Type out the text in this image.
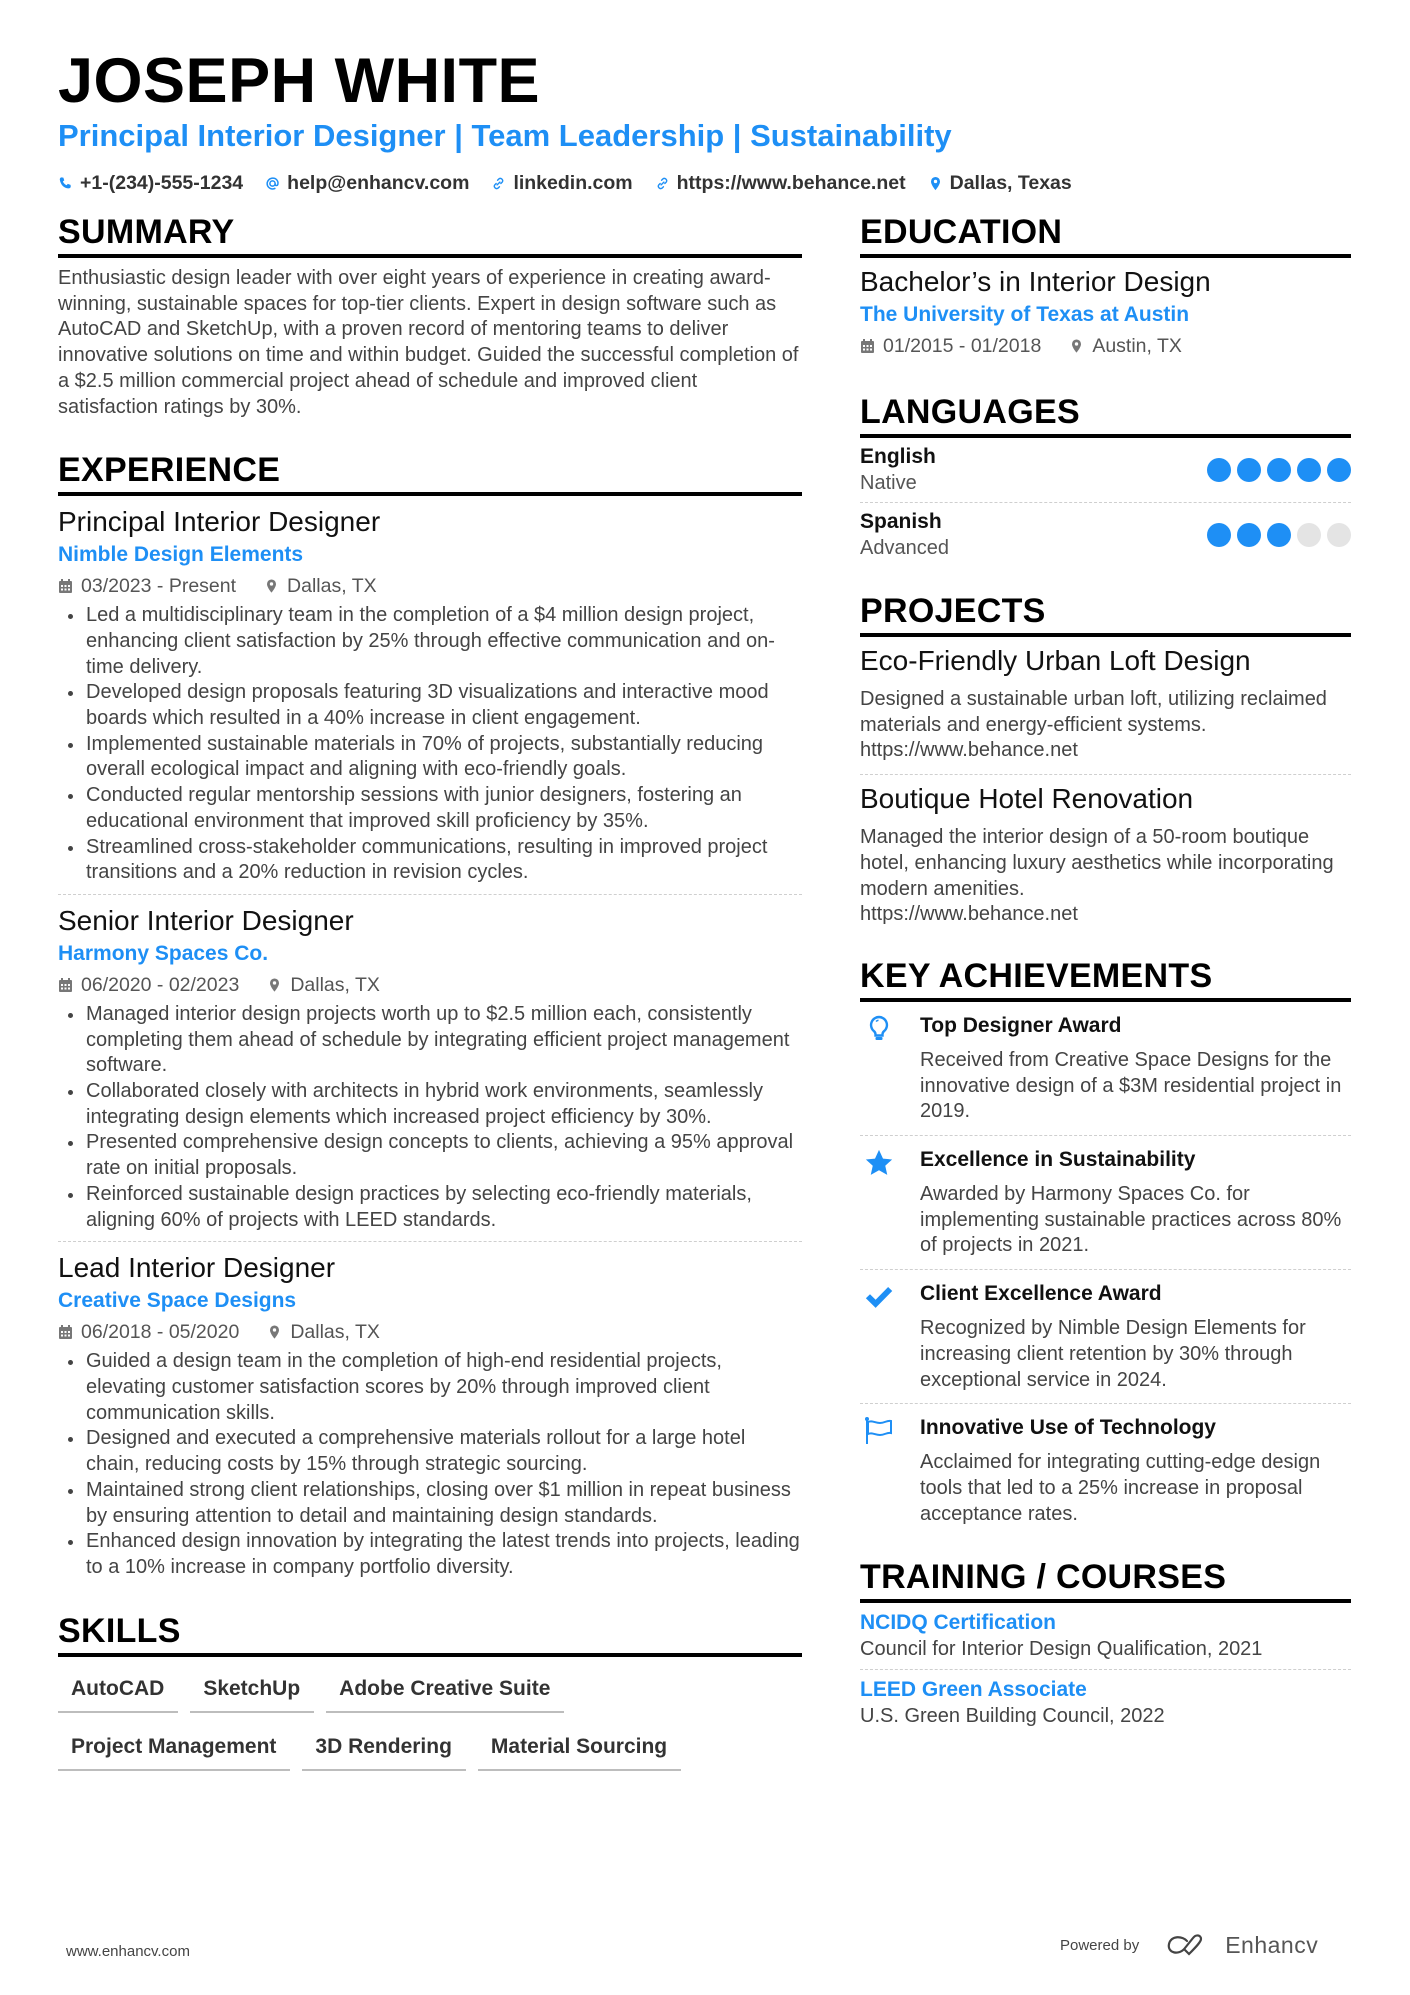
JOSEPH WHITE
Principal Interior Designer | Team Leadership | Sustainability
+1-(234)-555-1234 help@enhancv.com linkedin.com https://www.behance.net Dallas, Texas
SUMMARY

Enthusiastic design leader with over eight years of experience in creating award-winning, sustainable spaces for top-tier clients. Expert in design software such as AutoCAD and SketchUp, with a proven record of mentoring teams to deliver innovative solutions on time and within budget. Guided the successful completion of a $2.5 million commercial project ahead of schedule and improved client satisfaction ratings by 30%.

EXPERIENCE
Principal Interior Designer
Nimble Design Elements
03/2023 - Present	Dallas, TX
Led a multidisciplinary team in the completion of a $4 million design project, enhancing client satisfaction by 25% through effective communication and on-time delivery.
Developed design proposals featuring 3D visualizations and interactive mood boards which resulted in a 40% increase in client engagement.
Implemented sustainable materials in 70% of projects, substantially reducing overall ecological impact and aligning with eco-friendly goals.
Conducted regular mentorship sessions with junior designers, fostering an educational environment that improved skill proficiency by 35%.
Streamlined cross-stakeholder communications, resulting in improved project transitions and a 20% reduction in revision cycles.
Senior Interior Designer
Harmony Spaces Co.
06/2020 - 02/2023	Dallas, TX
Managed interior design projects worth up to $2.5 million each, consistently completing them ahead of schedule by integrating efficient project management software.
Collaborated closely with architects in hybrid work environments, seamlessly integrating design elements which increased project efficiency by 30%.
Presented comprehensive design concepts to clients, achieving a 95% approval rate on initial proposals.
Reinforced sustainable design practices by selecting eco-friendly materials, aligning 60% of projects with LEED standards.
Lead Interior Designer
Creative Space Designs
06/2018 - 05/2020	Dallas, TX
Guided a design team in the completion of high-end residential projects, elevating customer satisfaction scores by 20% through improved client communication skills.
Designed and executed a comprehensive materials rollout for a large hotel chain, reducing costs by 15% through strategic sourcing.
Maintained strong client relationships, closing over $1 million in repeat business by ensuring attention to detail and maintaining design standards.
Enhanced design innovation by integrating the latest trends into projects, leading to a 10% increase in company portfolio diversity.
SKILLS
AutoCAD	SketchUp	Adobe Creative Suite
Project Management	3D Rendering	Material Sourcing
EDUCATION
Bachelor’s in Interior Design
The University of Texas at Austin
01/2015 - 01/2018	Austin, TX
LANGUAGES
English
Native
Spanish
Advanced
PROJECTS
Eco-Friendly Urban Loft Design
Designed a sustainable urban loft, utilizing reclaimed materials and energy-efficient systems.
https://www.behance.net
Boutique Hotel Renovation
Managed the interior design of a 50-room boutique hotel, enhancing luxury aesthetics while incorporating modern amenities.
https://www.behance.net
KEY ACHIEVEMENTS
Top Designer Award
Received from Creative Space Designs for the innovative design of a $3M residential project in 2019.
Excellence in Sustainability
Awarded by Harmony Spaces Co. for implementing sustainable practices across 80% of projects in 2021.
Client Excellence Award
Recognized by Nimble Design Elements for increasing client retention by 30% through exceptional service in 2024.
Innovative Use of Technology
Acclaimed for integrating cutting-edge design tools that led to a 25% increase in proposal acceptance rates.
TRAINING / COURSES
NCIDQ Certification
Council for Interior Design Qualification, 2021
LEED Green Associate
U.S. Green Building Council, 2022
www.enhancv.com	Powered by	Enhancv
